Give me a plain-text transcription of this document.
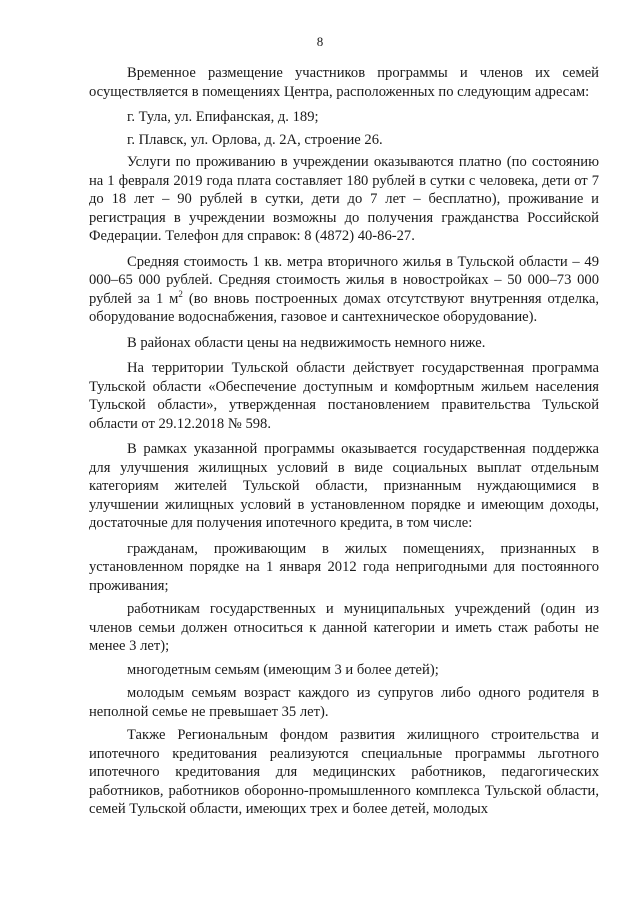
8

Временное размещение участников программы и членов их семей осуществляется в помещениях Центра, расположенных по следующим адресам:

г. Тула, ул. Епифанская, д. 189;

г. Плавск, ул. Орлова, д. 2А, строение 26.

Услуги по проживанию в учреждении оказываются платно (по состоянию на 1 февраля 2019 года плата составляет 180 рублей в сутки с человека, дети от 7 до 18 лет – 90 рублей в сутки, дети до 7 лет – бесплатно), проживание и регистрация в учреждении возможны до получения гражданства Российской Федерации. Телефон для справок: 8 (4872) 40-86-27.

Средняя стоимость 1 кв. метра вторичного жилья в Тульской области – 49 000–65 000 рублей. Средняя стоимость жилья в новостройках – 50 000–73 000 рублей за 1 $м^2$ (во вновь построенных домах отсутствуют внутренняя отделка, оборудование водоснабжения, газовое и сантехническое оборудование).

В районах области цены на недвижимость немного ниже.

На территории Тульской области действует государственная программа Тульской области «Обеспечение доступным и комфортным жильем населения Тульской области», утвержденная постановлением правительства Тульской области от 29.12.2018 № 598.

В рамках указанной программы оказывается государственная поддержка для улучшения жилищных условий в виде социальных выплат отдельным категориям жителей Тульской области, признанным нуждающимися в улучшении жилищных условий в установленном порядке и имеющим доходы, достаточные для получения ипотечного кредита, в том числе:

гражданам, проживающим в жилых помещениях, признанных в установленном порядке на 1 января 2012 года непригодными для постоянного проживания;

работникам государственных и муниципальных учреждений (один из членов семьи должен относиться к данной категории и иметь стаж работы не менее 3 лет);

многодетным семьям (имеющим 3 и более детей);

молодым семьям возраст каждого из супругов либо одного родителя в неполной семье не превышает 35 лет).

Также Региональным фондом развития жилищного строительства и ипотечного кредитования реализуются специальные программы льготного ипотечного кредитования для медицинских работников, педагогических работников, работников оборонно-промышленного комплекса Тульской области, семей Тульской области, имеющих трех и более детей, молодых
